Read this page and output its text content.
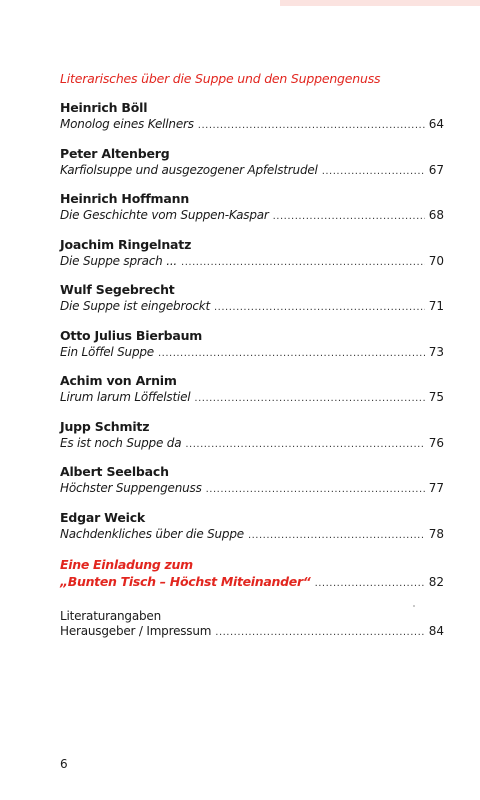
Literarisches über die Suppe und den Suppengenuss
Heinrich Böll
Monolog eines Kellners .....	64
Peter Altenberg
Karfiolsuppe und ausgezogener Apfelstrudel .....	67
Heinrich Hoffmann
Die Geschichte vom Suppen-Kaspar .....	68
Joachim Ringelnatz
Die Suppe sprach ... .....	70
Wulf Segebrecht
Die Suppe ist eingebrockt .....	71
Otto Julius Bierbaum
Ein Löffel Suppe .....	73
Achim von Arnim
Lirum larum Löffelstiel .....	75
Jupp Schmitz
Es ist noch Suppe da .....	76
Albert Seelbach
Höchster Suppengenuss .....	77
Edgar Weick
Nachdenkliches über die Suppe .....	78
Eine Einladung zum
„Bunten Tisch – Höchst Miteinander“ .....	82
Literaturangaben
Herausgeber / Impressum .....	84
6
